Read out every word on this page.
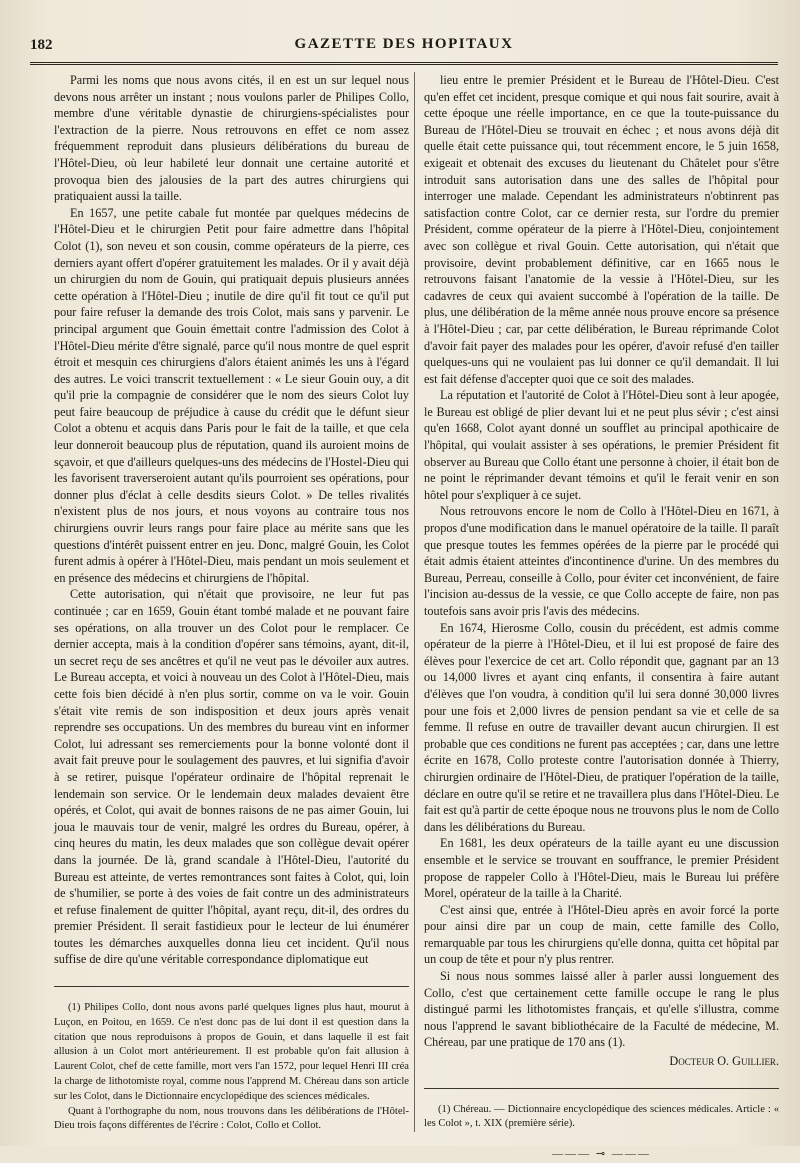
182	GAZETTE DES HOPITAUX

Parmi les noms que nous avons cités, il en est un sur lequel nous devons nous arrêter un instant ; nous voulons parler de Philipes Collo, membre d'une véritable dynastie de chirurgiens-spécialistes pour l'extraction de la pierre. Nous retrouvons en effet ce nom assez fréquemment reproduit dans plusieurs délibérations du bureau de l'Hôtel-Dieu, où leur habileté leur donnait une certaine autorité et provoqua bien des jalousies de la part des autres chirurgiens qui pratiquaient aussi la taille.

En 1657, une petite cabale fut montée par quelques médecins de l'Hôtel-Dieu et le chirurgien Petit pour faire admettre dans l'hôpital Colot (1), son neveu et son cousin, comme opérateurs de la pierre, ces derniers ayant offert d'opérer gratuitement les malades. Or il y avait déjà un chirurgien du nom de Gouin, qui pratiquait depuis plusieurs années cette opération à l'Hôtel-Dieu ; inutile de dire qu'il fit tout ce qu'il put pour faire refuser la demande des trois Colot, mais sans y parvenir. Le principal argument que Gouin émettait contre l'admission des Colot à l'Hôtel-Dieu mérite d'être signalé, parce qu'il nous montre de quel esprit étroit et mesquin ces chirurgiens d'alors étaient animés les uns à l'égard des autres. Le voici transcrit textuellement : « Le sieur Gouin ouy, a dit qu'il prie la compagnie de considérer que le nom des sieurs Colot luy peut faire beaucoup de préjudice à cause du crédit que le défunt sieur Colot a obtenu et acquis dans Paris pour le fait de la taille, et que cela leur donneroit beaucoup plus de réputation, quand ils auroient moins de sçavoir, et que d'ailleurs quelques-uns des médecins de l'Hostel-Dieu qui les favorisent traverseroient autant qu'ils pourroient ses opérations, pour donner plus d'éclat à celle desdits sieurs Colot. » De telles rivalités n'existent plus de nos jours, et nous voyons au contraire tous nos chirurgiens ouvrir leurs rangs pour faire place au mérite sans que les questions d'intérêt puissent entrer en jeu. Donc, malgré Gouin, les Colot furent admis à opérer à l'Hôtel-Dieu, mais pendant un mois seulement et en présence des médecins et chirurgiens de l'hôpital.

Cette autorisation, qui n'était que provisoire, ne leur fut pas continuée ; car en 1659, Gouin étant tombé malade et ne pouvant faire ses opérations, on alla trouver un des Colot pour le remplacer. Ce dernier accepta, mais à la condition d'opérer sans témoins, ayant, dit-il, un secret reçu de ses ancêtres et qu'il ne veut pas le dévoiler aux autres. Le Bureau accepta, et voici à nouveau un des Colot à l'Hôtel-Dieu, mais cette fois bien décidé à n'en plus sortir, comme on va le voir. Gouin s'était vite remis de son indisposition et deux jours après venait reprendre ses occupations. Un des membres du bureau vint en informer Colot, lui adressant ses remerciements pour la bonne volonté dont il avait fait preuve pour le soulagement des pauvres, et lui signifia d'avoir à se retirer, puisque l'opérateur ordinaire de l'hôpital reprenait le lendemain son service. Or le lendemain deux malades devaient être opérés, et Colot, qui avait de bonnes raisons de ne pas aimer Gouin, lui joua le mauvais tour de venir, malgré les ordres du Bureau, opérer, à cinq heures du matin, les deux malades que son collègue devait opérer dans la journée. De là, grand scandale à l'Hôtel-Dieu, l'autorité du Bureau est atteinte, de vertes remontrances sont faites à Colot, qui, loin de s'humilier, se porte à des voies de fait contre un des administrateurs et refuse finalement de quitter l'hôpital, ayant reçu, dit-il, des ordres du premier Président. Il serait fastidieux pour le lecteur de lui énumérer toutes les démarches auxquelles donna lieu cet incident. Qu'il nous suffise de dire qu'une véritable correspondance diplomatique eut

(1) Philipes Collo, dont nous avons parlé quelques lignes plus haut, mourut à Luçon, en Poitou, en 1659. Ce n'est donc pas de lui dont il est question dans la citation que nous reproduisons à propos de Gouin, et dans laquelle il est fait allusion à un Colot mort antérieurement. Il est probable qu'on fait allusion à Laurent Colot, chef de cette famille, mort vers l'an 1572, pour lequel Henri III créa la charge de lithotomiste royal, comme nous l'apprend M. Chéreau dans son article sur les Colot, dans le Dictionnaire encyclopédique des sciences médicales.

Quant à l'orthographe du nom, nous trouvons dans les délibérations de l'Hôtel-Dieu trois façons différentes de l'écrire : Colot, Collo et Collot.

lieu entre le premier Président et le Bureau de l'Hôtel-Dieu. C'est qu'en effet cet incident, presque comique et qui nous fait sourire, avait à cette époque une réelle importance, en ce que la toute-puissance du Bureau de l'Hôtel-Dieu se trouvait en échec ; et nous avons déjà dit quelle était cette puissance qui, tout récemment encore, le 5 juin 1658, exigeait et obtenait des excuses du lieutenant du Châtelet pour s'être introduit sans autorisation dans une des salles de l'hôpital pour interroger une malade. Cependant les administrateurs n'obtinrent pas satisfaction contre Colot, car ce dernier resta, sur l'ordre du premier Président, comme opérateur de la pierre à l'Hôtel-Dieu, conjointement avec son collègue et rival Gouin. Cette autorisation, qui n'était que provisoire, devint probablement définitive, car en 1665 nous le retrouvons faisant l'anatomie de la vessie à l'Hôtel-Dieu, sur les cadavres de ceux qui avaient succombé à l'opération de la taille. De plus, une délibération de la même année nous prouve encore sa présence à l'Hôtel-Dieu ; car, par cette délibération, le Bureau réprimande Colot d'avoir fait payer des malades pour les opérer, d'avoir refusé d'en tailler quelques-uns qui ne voulaient pas lui donner ce qu'il demandait. Il lui est fait défense d'accepter quoi que ce soit des malades.

La réputation et l'autorité de Colot à l'Hôtel-Dieu sont à leur apogée, le Bureau est obligé de plier devant lui et ne peut plus sévir ; c'est ainsi qu'en 1668, Colot ayant donné un soufflet au principal apothicaire de l'hôpital, qui voulait assister à ses opérations, le premier Président fit observer au Bureau que Collo étant une personne à choier, il était bon de ne point le réprimander devant témoins et qu'il le ferait venir en son hôtel pour s'expliquer à ce sujet.

Nous retrouvons encore le nom de Collo à l'Hôtel-Dieu en 1671, à propos d'une modification dans le manuel opératoire de la taille. Il paraît que presque toutes les femmes opérées de la pierre par le procédé qui était admis étaient atteintes d'incontinence d'urine. Un des membres du Bureau, Perreau, conseille à Collo, pour éviter cet inconvénient, de faire l'incision au-dessus de la vessie, ce que Collo accepte de faire, non pas toutefois sans avoir pris l'avis des médecins.

En 1674, Hierosme Collo, cousin du précédent, est admis comme opérateur de la pierre à l'Hôtel-Dieu, et il lui est proposé de faire des élèves pour l'exercice de cet art. Collo répondit que, gagnant par an 13 ou 14,000 livres et ayant cinq enfants, il consentira à faire autant d'élèves que l'on voudra, à condition qu'il lui sera donné 30,000 livres pour une fois et 2,000 livres de pension pendant sa vie et celle de sa femme. Il refuse en outre de travailler devant aucun chirurgien. Il est probable que ces conditions ne furent pas acceptées ; car, dans une lettre écrite en 1678, Collo proteste contre l'autorisation donnée à Thierry, chirurgien ordinaire de l'Hôtel-Dieu, de pratiquer l'opération de la taille, déclare en outre qu'il se retire et ne travaillera plus dans l'Hôtel-Dieu. Le fait est qu'à partir de cette époque nous ne trouvons plus le nom de Collo dans les délibérations du Bureau.

En 1681, les deux opérateurs de la taille ayant eu une discussion ensemble et le service se trouvant en souffrance, le premier Président propose de rappeler Collo à l'Hôtel-Dieu, mais le Bureau lui préfère Morel, opérateur de la taille à la Charité.

C'est ainsi que, entrée à l'Hôtel-Dieu après en avoir forcé la porte pour ainsi dire par un coup de main, cette famille des Collo, remarquable par tous les chirurgiens qu'elle donna, quitta cet hôpital par un coup de tête et pour n'y plus rentrer.

Si nous nous sommes laissé aller à parler aussi longuement des Collo, c'est que certainement cette famille occupe le rang le plus distingué parmi les lithotomistes français, et qu'elle s'illustra, comme nous l'apprend le savant bibliothécaire de la Faculté de médecine, M. Chéreau, par une pratique de 170 ans (1).

Docteur O. Guillier.

(1) Chéreau. — Dictionnaire encyclopédique des sciences médicales. Article : « les Colot », t. XIX (première série).

——— ⊸ ———
